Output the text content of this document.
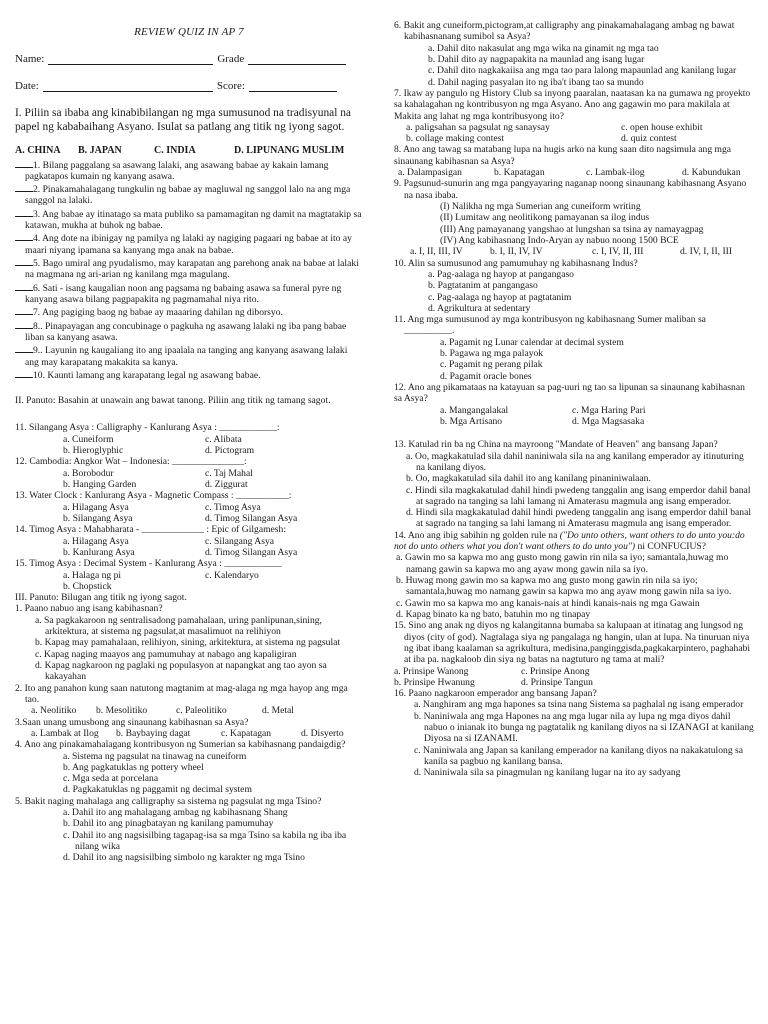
REVIEW QUIZ IN AP 7
Name:	Grade
Date:	Score:
I. Piliin sa ibaba ang kinabibilangan ng mga sumusunod na tradisyunal na papel ng kababaihang Asyano. Isulat sa patlang ang titik ng iyong sagot.
A. CHINA	B. JAPAN	C. INDIA	D. LIPUNANG MUSLIM
1. Bilang paggalang sa asawang lalaki, ang asawang babae ay kakain lamang pagkatapos kumain ng kanyang asawa.
2. Pinakamahalagang tungkulin ng babae ay magluwal ng sanggol lalo na ang mga sanggol na lalaki.
3. Ang babae ay itinatago sa mata publiko sa pamamagitan ng damit na magtatakip sa katawan, mukha at buhok ng babae.
4. Ang dote na ibinigay ng pamilya ng lalaki ay nagiging pagaari ng babae at ito ay maari niyang ipamana sa kanyang mga anak na babae.
5. Bago umiral ang pyudalismo, may karapatan ang parehong anak na babae at lalaki na magmana ng ari-arian ng kanilang mga magulang.
6. Sati - isang kaugalian noon ang pagsama ng babaing asawa sa funeral pyre ng kanyang asawa bilang pagpapakita ng pagmamahal niya rito.
7. Ang pagiging baog ng babae ay maaaring dahilan ng diborsyo.
8.. Pinapayagan ang concubinage o pagkuha ng asawang lalaki ng iba pang babae liban sa kanyang asawa.
9.. Layunin ng kaugaliang ito ang ipaalala na tanging ang kanyang asawang lalaki ang may karapatang makakita sa kanya.
10. Kaunti lamang ang karapatang legal ng asawang babae.
II. Panuto: Basahin at unawain ang bawat tanong. Piliin ang titik ng tamang sagot.
11. Silangang Asya : Calligraphy - Kanlurang Asya : ____________:
a. Cuneiform	c. Alibata
b. Hieroglyphic	d. Pictogram
12. Cambodia: Angkor Wat – Indonesia: _______________:
a. Borobodur	c. Taj Mahal
b. Hanging Garden	d. Ziggurat
13. Water Clock : Kanlurang Asya - Magnetic Compass : ___________:
a. Hilagang Asya	c. Timog Asya
b. Silangang Asya	d. Timog Silangan Asya
14. Timog Asya : Mahabharata - _____________ : Epic of Gilgamesh:
a. Hilagang Asya	c. Silangang Asya
b. Kanlurang Asya	d. Timog Silangan Asya
15. Timog Asya : Decimal System - Kanlurang Asya : ____________
a. Halaga ng pi	c. Kalendaryo
b. Chopstick
III. Panuto: Bilugan ang titik ng iyong sagot.
1. Paano nabuo ang isang kabihasnan?
a. Sa pagkakaroon ng sentralisadong pamahalaan, uring panlipunan,sining, arkitektura, at sistema ng pagsulat,at masalimuot na relihiyon
b. Kapag may pamahalaan, relihiyon, sining, arkitektura, at sistema ng pagsulat
c. Kapag naging maayos ang pamumuhay at nabago ang kapaligiran
d. Kapag nagkaroon ng paglaki ng populasyon at napangkat ang tao ayon sa kakayahan
2. Ito ang panahon kung saan natutong magtanim at mag-alaga ng mga hayop ang mga tao.
a. Neolitiko	b. Mesolitiko	c. Paleolitiko	d. Metal
3.Saan unang umusbong ang sinaunang kabihasnan sa Asya?
a. Lambak at Ilog	b. Baybaying dagat	c. Kapatagan	d. Disyerto
4. Ano ang pinakamahalagang kontribusyon ng Sumerian sa kabihasnang pandaigdig?
a. Sistema ng pagsulat na tinawag na cuneiform
b. Ang pagkatuklas ng pottery wheel
c. Mga seda at porcelana
d. Pagkakatuklas ng paggamit ng decimal system
5. Bakit naging mahalaga ang calligraphy sa sistema ng pagsulat ng mga Tsino?
a. Dahil ito ang mahalagang ambag ng kabihasnang Shang
b. Dahil ito ang pinagbatayan ng kanilang pamumuhay
c. Dahil ito ang nagsisilbing tagapag-isa sa mga Tsino sa kabila ng iba iba nilang wika
d. Dahil ito ang nagsisilbing simbolo ng karakter ng mga Tsino
6. Bakit ang cuneiform,pictogram,at calligraphy ang pinakamahalagang ambag ng bawat kabihasnanang sumibol sa Asya?
a. Dahil dito nakasulat ang mga wika na ginamit ng mga tao
b. Dahil dito ay nagpapakita na maunlad ang isang lugar
c. Dahil dito nagkakaiisa ang mga tao para lalong mapaunlad ang kanilang lugar
d. Dahil naging pasyalan ito ng iba't ibang tao sa mundo
7. Ikaw ay pangulo ng History Club sa inyong paaralan, naatasan ka na gumawa ng proyekto sa kahalagahan ng kontribusyon ng mga Asyano. Ano ang gagawin mo para makilala at Makita ang lahat ng mga kontribusyong ito?
a. paligsahan sa pagsulat ng sanaysay	c. open house exhibit
b. collage making contest	d. quiz contest
8. Ano ang tawag sa matabang lupa na hugis arko na kung saan dito nagsimula ang mga sinaunang kabihasnan sa Asya?
a. Dalampasigan	b. Kapatagan	c. Lambak-ilog	d. Kabundukan
9. Pagsunud-sunurin ang mga pangyayaring naganap noong sinaunang kabihasnang Asyano na nasa ibaba.
(I) Nalikha ng mga Sumerian ang cuneiform writing
(II) Lumitaw ang neolitikong pamayanan sa ilog indus
(III) Ang pamayanang yangshao at lungshan sa tsina ay namayagpag
(IV) Ang kabihasnang Indo-Aryan ay nabuo noong 1500 BCE
a. I, II, III, IV	b. I, II, IV, IV	c. I, IV, II, III	d. IV, I, II, III
10. Alin sa sumusunod ang pamumuhay ng kabihasnang Indus?
a. Pag-aalaga ng hayop at pangangaso
b. Pagtatanim at pangangaso
c. Pag-aalaga ng hayop at pagtatanim
d. Agrikultura at sedentary
11. Ang mga sumusunod ay mga kontribusyon ng kabihasnang Sumer maliban sa __________.
a. Pagamit ng Lunar calendar at decimal system
b. Pagawa ng mga palayok
c. Pagamit ng perang pilak
d. Pagamit oracle bones
12. Ano ang pikamataas na katayuan sa pag-uuri ng tao sa lipunan sa sinaunang kabihasnan sa Asya?
a. Mangangalakal	c. Mga Haring Pari
b. Mga Artisano	d. Mga Magsasaka
13. Katulad rin ba ng China na mayroong "Mandate of Heaven" ang bansang Japan?
a. Oo, magkakatulad sila dahil naniniwala sila na ang kanilang emperador ay itinuturing na kanilang diyos.
b. Oo, magkakatulad sila dahil ito ang kanilang pinaniniwalaan.
c. Hindi sila magkakatulad dahil hindi pwedeng tanggalin ang isang emperdor dahil banal at sagrado na tanging sa lahi lamang ni Amaterasu magmula ang isang emperador.
d. Hindi sila magkakatulad dahil hindi pwedeng tanggalin ang isang emperdor dahil banal at sagrado na tanging sa lahi lamang ni Amaterasu magmula ang isang emperador.
14. Ano ang ibig sabihin ng golden rule na ("Do unto others, want others to do unto you:do not do unto others what you don't want others to do unto you") ni CONFUCIUS?
a. Gawin mo sa kapwa mo ang gusto mong gawin rin nila sa iyo; samantala,huwag mo namang gawin sa kapwa mo ang ayaw mong gawin nila sa iyo.
b. Huwag mong gawin mo sa kapwa mo ang gusto mong gawin rin nila sa iyo; samantala,huwag mo namang gawin sa kapwa mo ang ayaw mong gawin nila sa iyo.
c. Gawin mo sa kapwa mo ang kanais-nais at hindi kanais-nais ng mga Gawain
d. Kapag binato ka ng bato, batuhin mo ng tinapay
15. Sino ang anak ng diyos ng kalangitanna bumaba sa kalupaan at itinatag ang lungsod ng diyos (city of god). Nagtalaga siya ng pangalaga ng hangin, ulan at lupa. Na tinuruan niya ng ibat ibang kaalaman sa agrikultura, medisina,panginggisda,pagkakarpintero, paghahabi at iba pa. nagkaloob din siya ng batas na nagtuturo ng tama at mali?
a. Prinsipe Wanong	c. Prinsipe Anong
b. Prinsipe Hwanung	d. Prinsipe Tangun
16. Paano nagkaroon emperador ang bansang Japan?
a. Nanghiram ang mga hapones sa tsina nang Sistema sa paghalal ng isang emperador
b. Naniniwala ang mga Hapones na ang mga lugar nila ay lupa ng mga diyos dahil nabuo o inianak ito bunga ng pagtatalik ng kanilang diyos na si IZANAGI at kanilang Diyosa na si IZANAMI.
c. Naniniwala ang Japan sa kanilang emperador na kanilang diyos na nakakatulong sa kanila sa pagbuo ng kanilang bansa.
d. Naniniwala sila sa pinagmulan ng kanilang lugar na ito ay sadyang
